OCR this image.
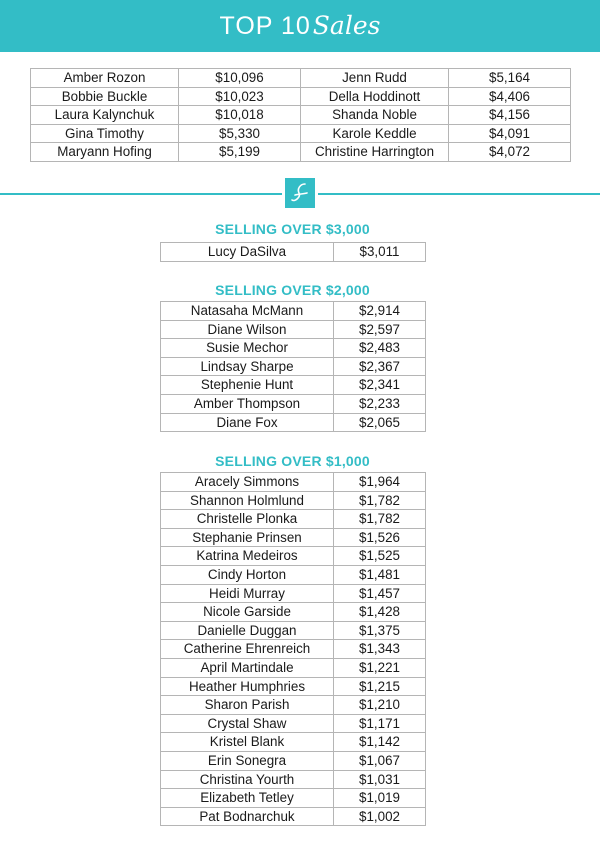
TOP 10 Sales
Amber Rozon	$10,096	Jenn Rudd	$5,164
Bobbie Buckle	$10,023	Della Hoddinott	$4,406
Laura Kalynchuk	$10,018	Shanda Noble	$4,156
Gina Timothy	$5,330	Karole Keddle	$4,091
Maryann Hofing	$5,199	Christine Harrington	$4,072
SELLING OVER $3,000
Lucy DaSilva	$3,011
SELLING OVER $2,000
Natasaha McMann	$2,914
Diane Wilson	$2,597
Susie Mechor	$2,483
Lindsay Sharpe	$2,367
Stephenie Hunt	$2,341
Amber Thompson	$2,233
Diane Fox	$2,065
SELLING OVER $1,000
Aracely Simmons	$1,964
Shannon Holmlund	$1,782
Christelle Plonka	$1,782
Stephanie Prinsen	$1,526
Katrina Medeiros	$1,525
Cindy Horton	$1,481
Heidi Murray	$1,457
Nicole Garside	$1,428
Danielle Duggan	$1,375
Catherine Ehrenreich	$1,343
April Martindale	$1,221
Heather Humphries	$1,215
Sharon Parish	$1,210
Crystal Shaw	$1,171
Kristel Blank	$1,142
Erin Sonegra	$1,067
Christina Yourth	$1,031
Elizabeth Tetley	$1,019
Pat Bodnarchuk	$1,002
